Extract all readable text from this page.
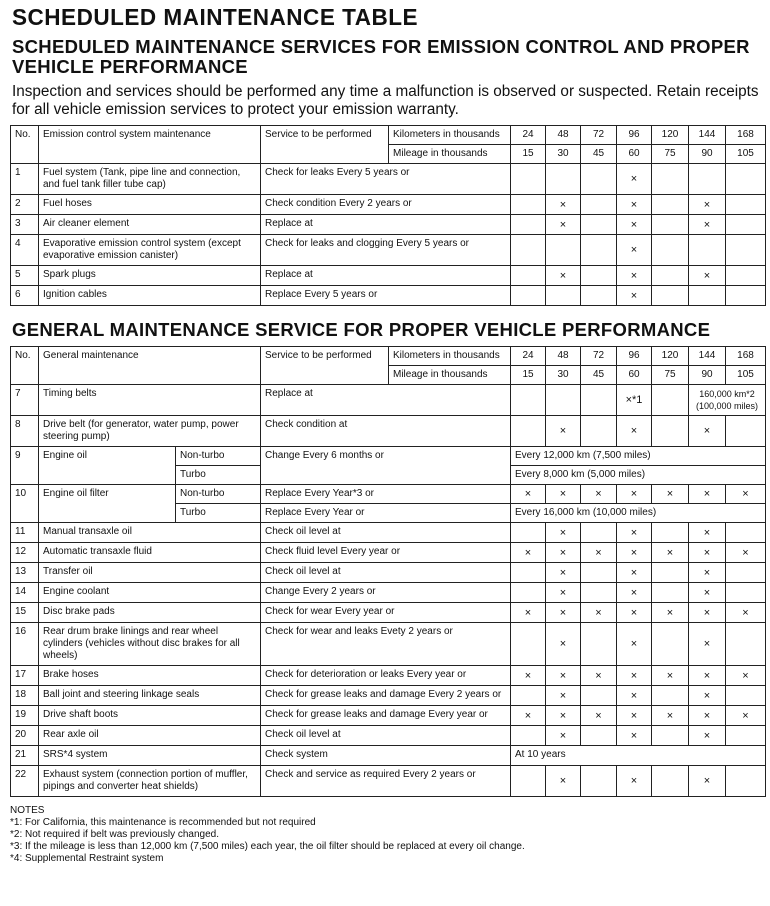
SCHEDULED MAINTENANCE TABLE
SCHEDULED MAINTENANCE SERVICES FOR EMISSION CONTROL AND PROPER VEHICLE PERFORMANCE

Inspection and services should be performed any time a malfunction is observed or suspected. Retain receipts for all vehicle emission services to protect your emission warranty.

No.	Emission control system maintenance	Service to be performed	Kilometers in thousands	24	48	72	96	120	144	168
			Mileage in thousands	15	30	45	60	75	90	105
1	Fuel system (Tank, pipe line and connection, and fuel tank filler tube cap)	Check for leaks Every 5 years or					×			
2	Fuel hoses	Check condition Every 2 years or			×		×		×	
3	Air cleaner element	Replace at			×		×		×	
4	Evaporative emission control system (except evaporative emission canister)	Check for leaks and clogging Every 5 years or					×			
5	Spark plugs	Replace at			×		×		×	
6	Ignition cables	Replace Every 5 years or					×			
GENERAL MAINTENANCE SERVICE FOR PROPER VEHICLE PERFORMANCE
No.	General maintenance		Service to be performed	Kilometers in thousands	24	48	72	96	120	144	168
				Mileage in thousands	15	30	45	60	75	90	105
7	Timing belts		Replace at					×*1		160,000 km*2 (100,000 miles)	
8	Drive belt (for generator, water pump, power steering pump)		Check condition at			×		×		×	
9	Engine oil	Non-turbo	Change Every 6 months or		Every 12,000 km (7,500 miles)						
		Turbo			Every 8,000 km (5,000 miles)						
10	Engine oil filter	Non-turbo	Replace Every Year*3 or		×	×	×	×	×	×	×
		Turbo	Replace Every Year or		Every 16,000 km (10,000 miles)						
11	Manual transaxle oil		Check oil level at			×		×		×	
12	Automatic transaxle fluid		Check fluid level Every year or		×	×	×	×	×	×	×
13	Transfer oil		Check oil level at			×		×		×	
14	Engine coolant		Change Every 2 years or			×		×		×	
15	Disc brake pads		Check for wear Every year or		×	×	×	×	×	×	×
16	Rear drum brake linings and rear wheel cylinders (vehicles without disc brakes for all wheels)		Check for wear and leaks Evety 2 years or			×		×		×	
17	Brake hoses		Check for deterioration or leaks Every year or		×	×	×	×	×	×	×
18	Ball joint and steering linkage seals		Check for grease leaks and damage Every 2 years or			×		×		×	
19	Drive shaft boots		Check for grease leaks and damage Every year or		×	×	×	×	×	×	×
20	Rear axle oil		Check oil level at			×		×		×	
21	SRS*4 system		Check system		At 10 years						
22	Exhaust system (connection portion of muffler, pipings and converter heat shields)		Check and service as required Every 2 years or			×		×		×	
NOTES
*1: For California, this maintenance is recommended but not required
*2: Not required if belt was previously changed.
*3: If the mileage is less than 12,000 km (7,500 miles) each year, the oil filter should be replaced at every oil change.
*4: Supplemental Restraint system
